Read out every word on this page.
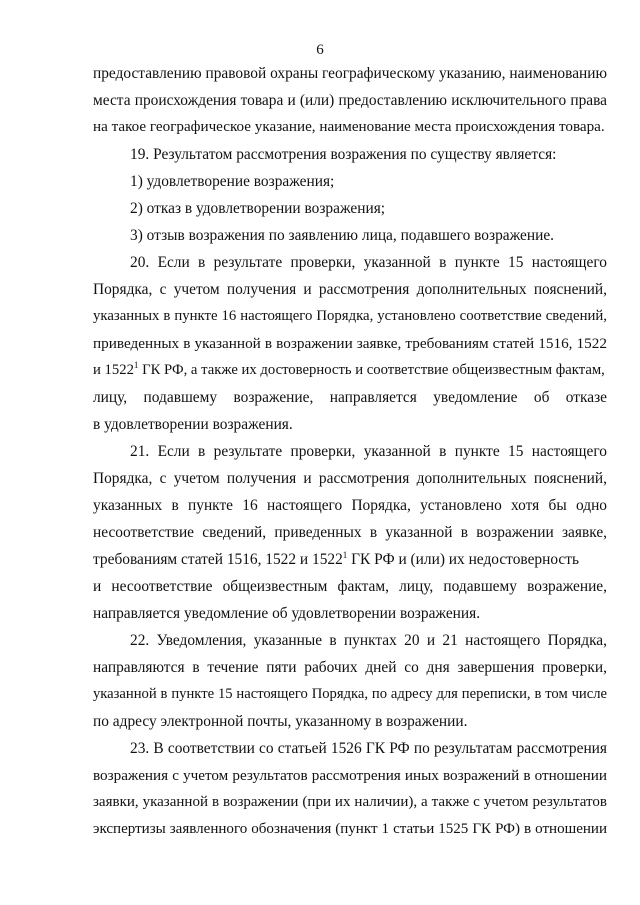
6
предоставлению правовой охраны географическому указанию, наименованию
места происхождения товара и (или) предоставлению исключительного права
на такое географическое указание, наименование места происхождения товара.
19. Результатом рассмотрения возражения по существу является:
1) удовлетворение возражения;
2) отказ в удовлетворении возражения;
3) отзыв возражения по заявлению лица, подавшего возражение.
20. Если в результате проверки, указанной в пункте 15 настоящего
Порядка, с учетом получения и рассмотрения дополнительных пояснений,
указанных в пункте 16 настоящего Порядка, установлено соответствие сведений,
приведенных в указанной в возражении заявке, требованиям статей 1516, 1522
и 1522$^1$ ГК РФ, а также их достоверность и соответствие общеизвестным фактам,
лицу, подавшему возражение, направляется уведомление об отказе
в удовлетворении возражения.
21. Если в результате проверки, указанной в пункте 15 настоящего
Порядка, с учетом получения и рассмотрения дополнительных пояснений,
указанных в пункте 16 настоящего Порядка, установлено хотя бы одно
несоответствие сведений, приведенных в указанной в возражении заявке,
требованиям статей 1516, 1522 и 1522$^1$ ГК РФ и (или) их недостоверность
и несоответствие общеизвестным фактам, лицу, подавшему возражение,
направляется уведомление об удовлетворении возражения.
22. Уведомления, указанные в пунктах 20 и 21 настоящего Порядка,
направляются в течение пяти рабочих дней со дня завершения проверки,
указанной в пункте 15 настоящего Порядка, по адресу для переписки, в том числе
по адресу электронной почты, указанному в возражении.
23. В соответствии со статьей 1526 ГК РФ по результатам рассмотрения
возражения с учетом результатов рассмотрения иных возражений в отношении
заявки, указанной в возражении (при их наличии), а также с учетом результатов
экспертизы заявленного обозначения (пункт 1 статьи 1525 ГК РФ) в отношении
